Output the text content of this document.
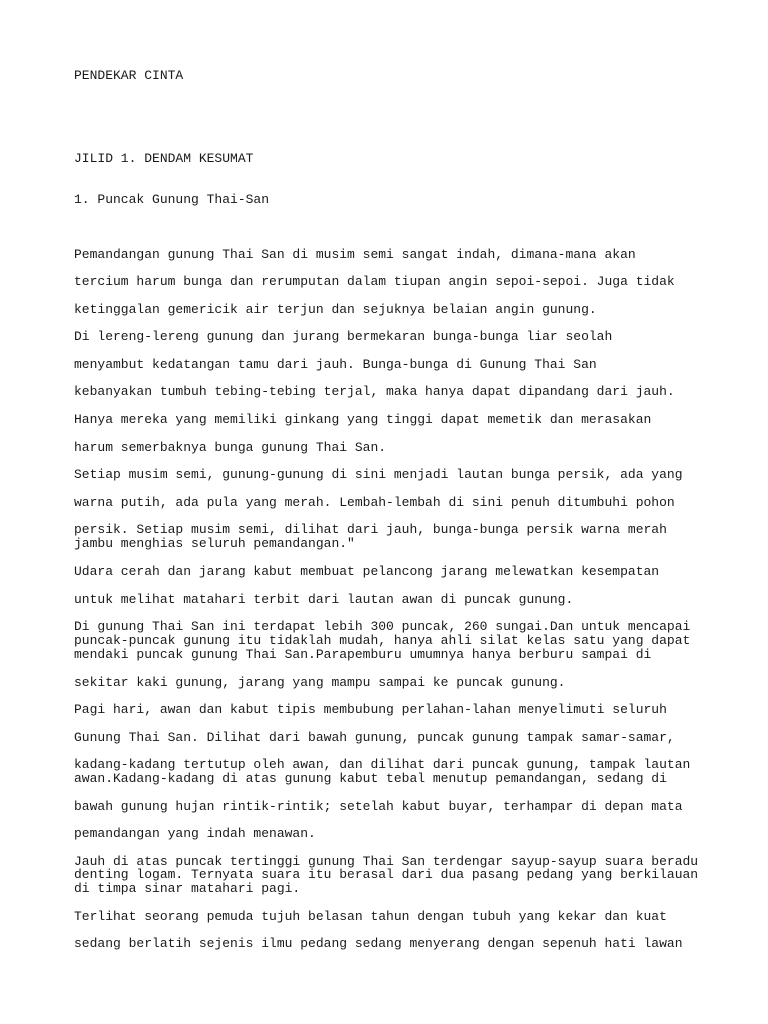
PENDEKAR CINTA

JILID 1. DENDAM KESUMAT

1. Puncak Gunung Thai-San

Pemandangan gunung Thai San di musim semi sangat indah, dimana-mana akan

tercium harum bunga dan rerumputan dalam tiupan angin sepoi-sepoi. Juga tidak

ketinggalan gemericik air terjun dan sejuknya belaian angin gunung.

Di lereng-lereng gunung dan jurang bermekaran bunga-bunga liar seolah

menyambut kedatangan tamu dari jauh. Bunga-bunga di Gunung Thai San

kebanyakan tumbuh tebing-tebing terjal, maka hanya dapat dipandang dari jauh.

Hanya mereka yang memiliki ginkang yang tinggi dapat memetik dan merasakan

harum semerbaknya bunga gunung Thai San.

Setiap musim semi, gunung-gunung di sini menjadi lautan bunga persik, ada yang

warna putih, ada pula yang merah. Lembah-lembah di sini penuh ditumbuhi pohon

persik. Setiap musim semi, dilihat dari jauh, bunga-bunga persik warna merah

jambu menghias seluruh pemandangan."

Udara cerah dan jarang kabut membuat pelancong jarang melewatkan kesempatan

untuk melihat matahari terbit dari lautan awan di puncak gunung.

Di gunung Thai San ini terdapat lebih 300 puncak, 260 sungai.Dan untuk mencapai

puncak-puncak gunung itu tidaklah mudah, hanya ahli silat kelas satu yang dapat

mendaki puncak gunung Thai San.Parapemburu umumnya hanya berburu sampai di

sekitar kaki gunung, jarang yang mampu sampai ke puncak gunung.

Pagi hari, awan dan kabut tipis membubung perlahan-lahan menyelimuti seluruh

Gunung Thai San. Dilihat dari bawah gunung, puncak gunung tampak samar-samar,

kadang-kadang tertutup oleh awan, dan dilihat dari puncak gunung, tampak lautan

awan.Kadang-kadang di atas gunung kabut tebal menutup pemandangan, sedang di

bawah gunung hujan rintik-rintik; setelah kabut buyar, terhampar di depan mata

pemandangan yang indah menawan.

Jauh di atas puncak tertinggi gunung Thai San terdengar sayup-sayup suara beradu

denting logam. Ternyata suara itu berasal dari dua pasang pedang yang berkilauan

di timpa sinar matahari pagi.

Terlihat seorang pemuda tujuh belasan tahun dengan tubuh yang kekar dan kuat

sedang berlatih sejenis ilmu pedang sedang menyerang dengan sepenuh hati lawan
